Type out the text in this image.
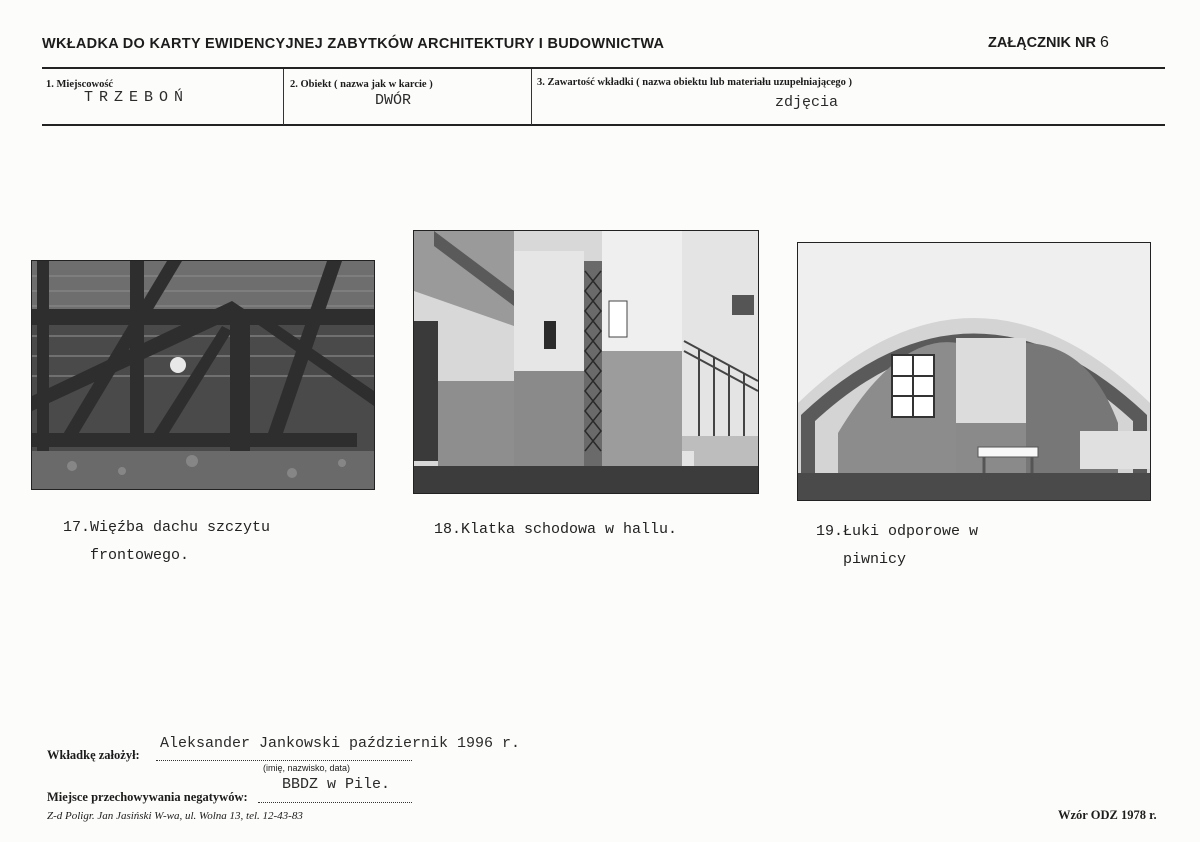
WKŁADKA DO KARTY EWIDENCYJNEJ ZABYTKÓW ARCHITEKTURY I BUDOWNICTWA	ZAŁĄCZNIK NR 6
1. Miejscowość
TRZEBOŃ
2. Obiekt ( nazwa jak w karcie )
DWÓR
3. Zawartość wkładki ( nazwa obiektu lub materiału uzupełniającego )
zdjęcia
17.Więźba dachu szczytu
frontowego.
18.Klatka schodowa w hallu.	19.Łuki odporowe w
piwnicy
Wkładkę założył:
Aleksander Jankowski październik 1996 r.
(imię, nazwisko, data)
Miejsce przechowywania negatywów:
BBDZ w Pile.
Z-d Poligr. Jan Jasiński W-wa, ul. Wolna 13, tel. 12-43-83	Wzór ODZ 1978 r.
